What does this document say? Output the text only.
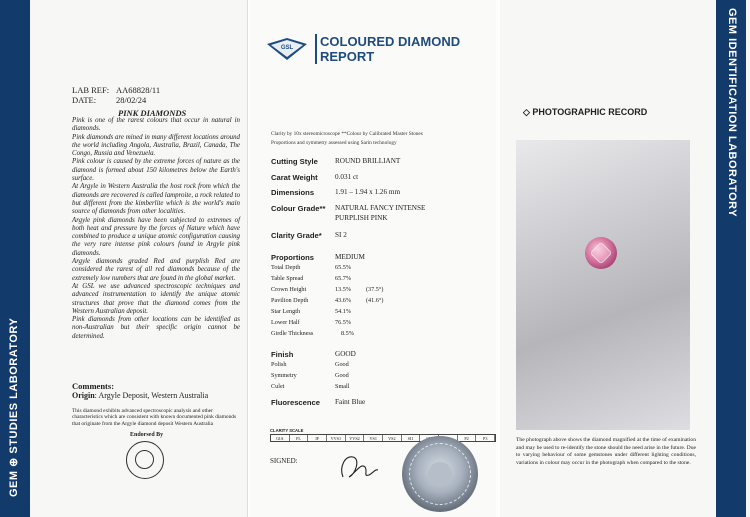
GEM ⊕ STUDIES LABORATORY
LAB REF: AA68828/11
DATE: 28/02/24
PINK DIAMONDS

Pink is one of the rarest colours that occur in natural in diamonds.

Pink diamonds are mined in many different locations around the world including Angola, Australia, Brazil, Canada, The Congo, Russia and Venezuela.

Pink colour is caused by the extreme forces of nature as the diamond is formed about 150 kilometres below the Earth's surface.

At Argyle in Western Australia the host rock from which the diamonds are recovered is called lamproite, a rock related to but different from the kimberlite which is the world's main source of diamonds from other localities.

Argyle pink diamonds have been subjected to extremes of both heat and pressure by the forces of Nature which have combined to produce a unique atomic configuration causing the very rare intense pink colours found in Argyle pink diamonds.

Argyle diamonds graded Red and purplish Red are considered the rarest of all red diamonds because of the extremely low numbers that are found in the global market.

At GSL we use advanced spectroscopic techniques and advanced instrumentation to identify the unique atomic structures that prove that the diamond comes from the Western Australian deposit.

Pink diamonds from other locations can be identified as non-Australian but their specific origin cannot be determined.

Comments:
Origin: Argyle Deposit, Western Australia
This diamond exhibits advanced spectroscopic analysis and other characteristics which are consistent with known documented pink diamonds that originate from the Argyle diamond deposit Western Australia
Endorsed By
GSL COLOURED DIAMOND
REPORT
Clarity by 10x stereomicroscope **Colour by Calibrated Master Stones
Proportions and symmetry assessed using Sarin technology
Cutting Style ROUND BRILLIANT
Carat Weight 0.031 ct
Dimensions	1.91 – 1.94 x 1.26 mm
Colour Grade** NATURAL FANCY INTENSE
PURPLISH PINK
Clarity Grade* SI 2
Proportions	MEDIUM
Total Depth	65.5%
Table Spread	65.7%
Crown Height	13.5% (37.5°)
Pavilion Depth	43.6% (41.6°)
Star Length	54.1%
Lower Half	76.5%
Girdle Thickness	8.5%
Finish	GOOD
Polish	Good
Symmetry	Good
Culet	Small
Fluorescence Faint Blue
CLARITY SCALE
GIA	FL	IF	VVS1	VVS2	VS1	VS2	SI1	P2	P3
SIGNED:
GEM IDENTIFICATION LABORATORY
◇ PHOTOGRAPHIC RECORD
The photograph above shows the diamond magnified at the time of examination and may be used to re-identify the stone should the need arise in the future. Due to varying behaviour of some gemstones under different lighting conditions, variations in colour may occur in the photograph when compared to the stone.
